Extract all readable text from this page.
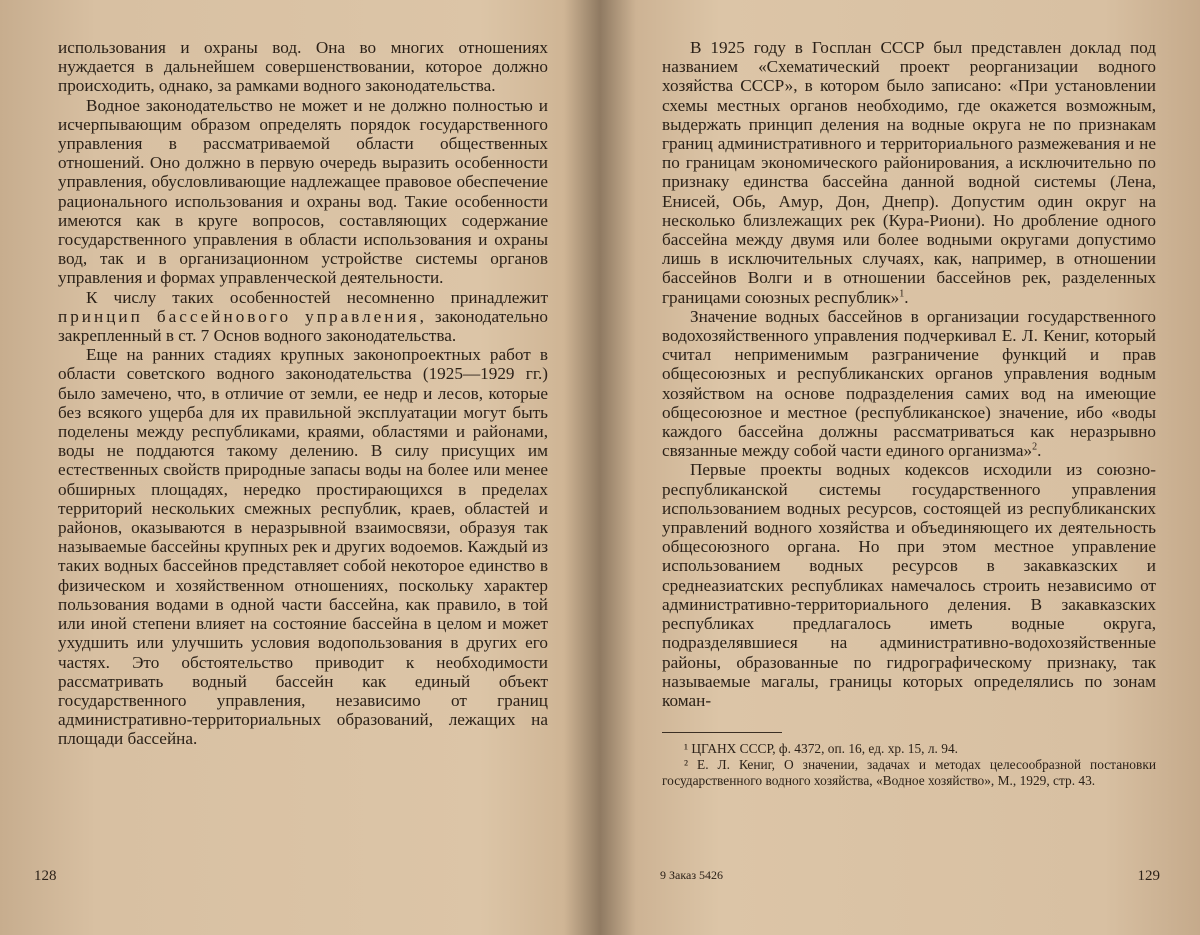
использования и охраны вод. Она во многих отношениях нуждается в дальнейшем совершенствовании, которое должно происходить, однако, за рамками водного законодательства.

Водное законодательство не может и не должно полностью и исчерпывающим образом определять порядок государственного управления в рассматриваемой области общественных отношений. Оно должно в первую очередь выразить особенности управления, обусловливающие надлежащее правовое обеспечение рационального использования и охраны вод. Такие особенности имеются как в круге вопросов, составляющих содержание государственного управления в области использования и охраны вод, так и в организационном устройстве системы органов управления и формах управленческой деятельности.

К числу таких особенностей несомненно принадлежит принцип бассейнового управления, законодательно закрепленный в ст. 7 Основ водного законодательства.

Еще на ранних стадиях крупных законопроектных работ в области советского водного законодательства (1925—1929 гг.) было замечено, что, в отличие от земли, ее недр и лесов, которые без всякого ущерба для их правильной эксплуатации могут быть поделены между республиками, краями, областями и районами, воды не поддаются такому делению. В силу присущих им естественных свойств природные запасы воды на более или менее обширных площадях, нередко простирающихся в пределах территорий нескольких смежных республик, краев, областей и районов, оказываются в неразрывной взаимосвязи, образуя так называемые бассейны крупных рек и других водоемов. Каждый из таких водных бассейнов представляет собой некоторое единство в физическом и хозяйственном отношениях, поскольку характер пользования водами в одной части бассейна, как правило, в той или иной степени влияет на состояние бассейна в целом и может ухудшить или улучшить условия водопользования в других его частях. Это обстоятельство приводит к необходимости рассматривать водный бассейн как единый объект государственного управления, независимо от границ административно-территориальных образований, лежащих на площади бассейна.

128

В 1925 году в Госплан СССР был представлен доклад под названием «Схематический проект реорганизации водного хозяйства СССР», в котором было записано: «При установлении схемы местных органов необходимо, где окажется возможным, выдержать принцип деления на водные округа не по признакам границ административного и территориального размежевания и не по границам экономического районирования, а исключительно по признаку единства бассейна данной водной системы (Лена, Енисей, Обь, Амур, Дон, Днепр). Допустим один округ на несколько близлежащих рек (Кура-Риони). Но дробление одного бассейна между двумя или более водными округами допустимо лишь в исключительных случаях, как, например, в отношении бассейнов Волги и в отношении бассейнов рек, разделенных границами союзных республик»$^1$.

Значение водных бассейнов в организации государственного водохозяйственного управления подчеркивал Е. Л. Кениг, который считал неприменимым разграничение функций и прав общесоюзных и республиканских органов управления водным хозяйством на основе подразделения самих вод на имеющие общесоюзное и местное (республиканское) значение, ибо «воды каждого бассейна должны рассматриваться как неразрывно связанные между собой части единого организма»$^2$.

Первые проекты водных кодексов исходили из союзно-республиканской системы государственного управления использованием водных ресурсов, состоящей из республиканских управлений водного хозяйства и объединяющего их деятельность общесоюзного органа. Но при этом местное управление использованием водных ресурсов в закавказских и среднеазиатских республиках намечалось строить независимо от административно-территориального деления. В закавказских республиках предлагалось иметь водные округа, подразделявшиеся на административно-водохозяйственные районы, образованные по гидрографическому признаку, так называемые магалы, границы которых определялись по зонам коман-

¹ ЦГАНХ СССР, ф. 4372, оп. 16, ед. хр. 15, л. 94.

² Е. Л. Кениг, О значении, задачах и методах целесообразной постановки государственного водного хозяйства, «Водное хозяйство», М., 1929, стр. 43.

9 Заказ 5426	129
